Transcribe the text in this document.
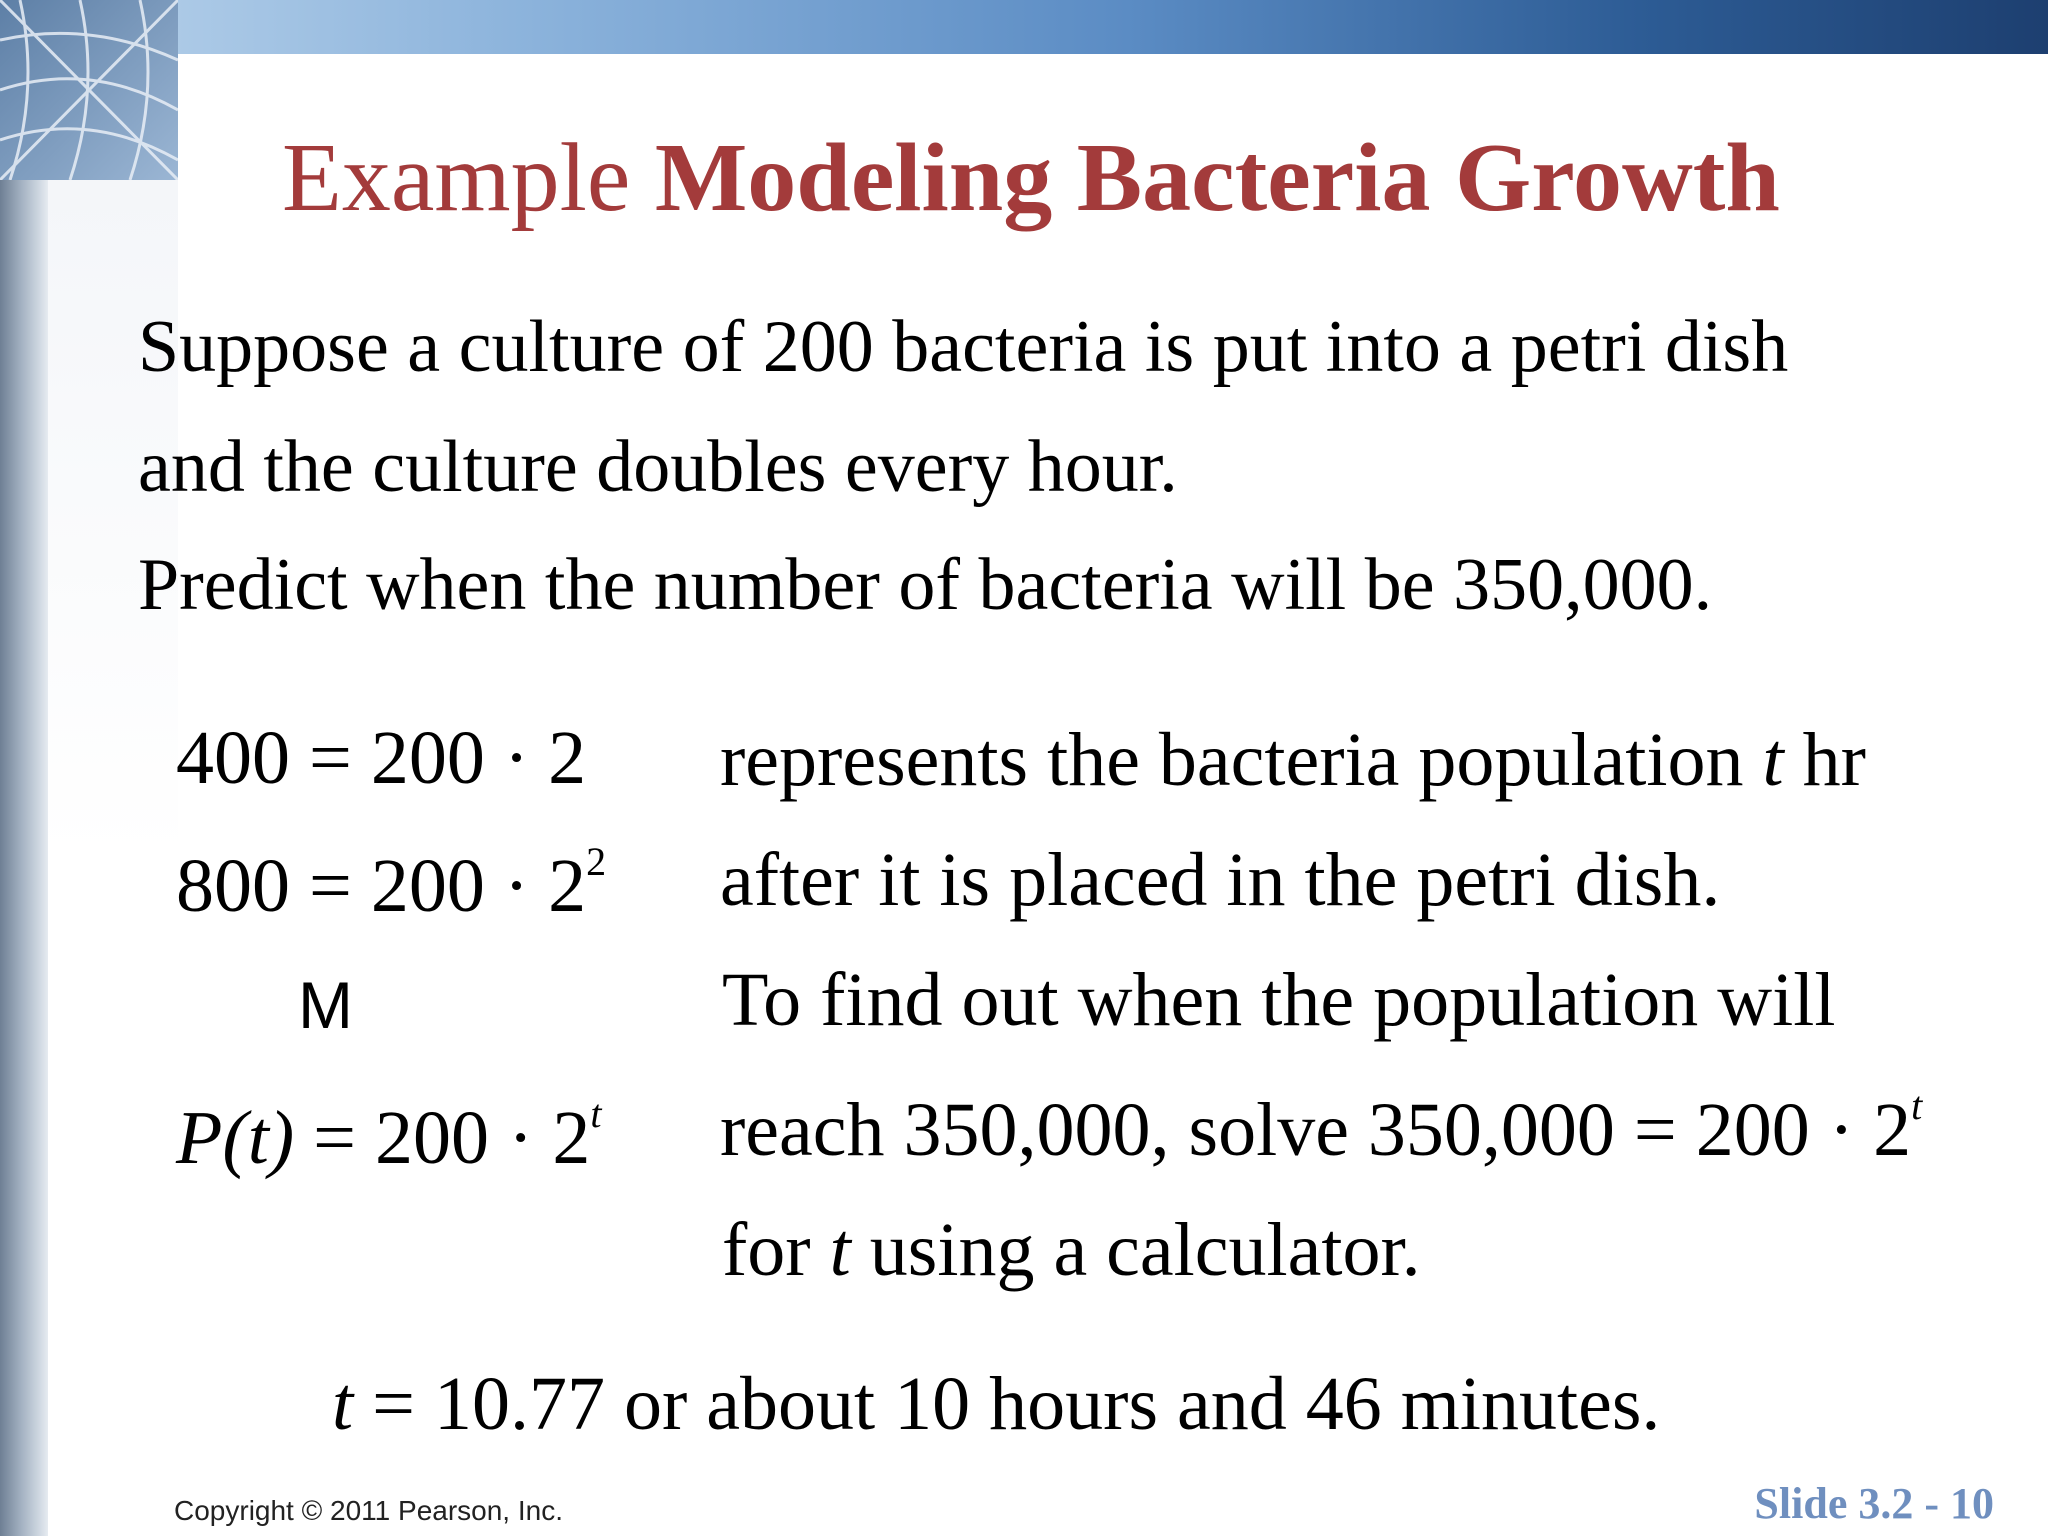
Example Modeling Bacteria Growth
Suppose a culture of 200 bacteria is put into a petri dish
and the culture doubles every hour.
Predict when the number of bacteria will be 350,000.
400 = 200 · 2
$800 = 200 \cdot 2^2$
M
$P(t) = 200 \cdot 2^t$
represents the bacteria population t hr
after it is placed in the petri dish.
To find out when the population will
reach 350,000, solve $350,000 = 200 \cdot 2^t$
for t using a calculator.
t = 10.77 or about 10 hours and 46 minutes.
Copyright © 2011 Pearson, Inc.	Slide 3.2 - 10
